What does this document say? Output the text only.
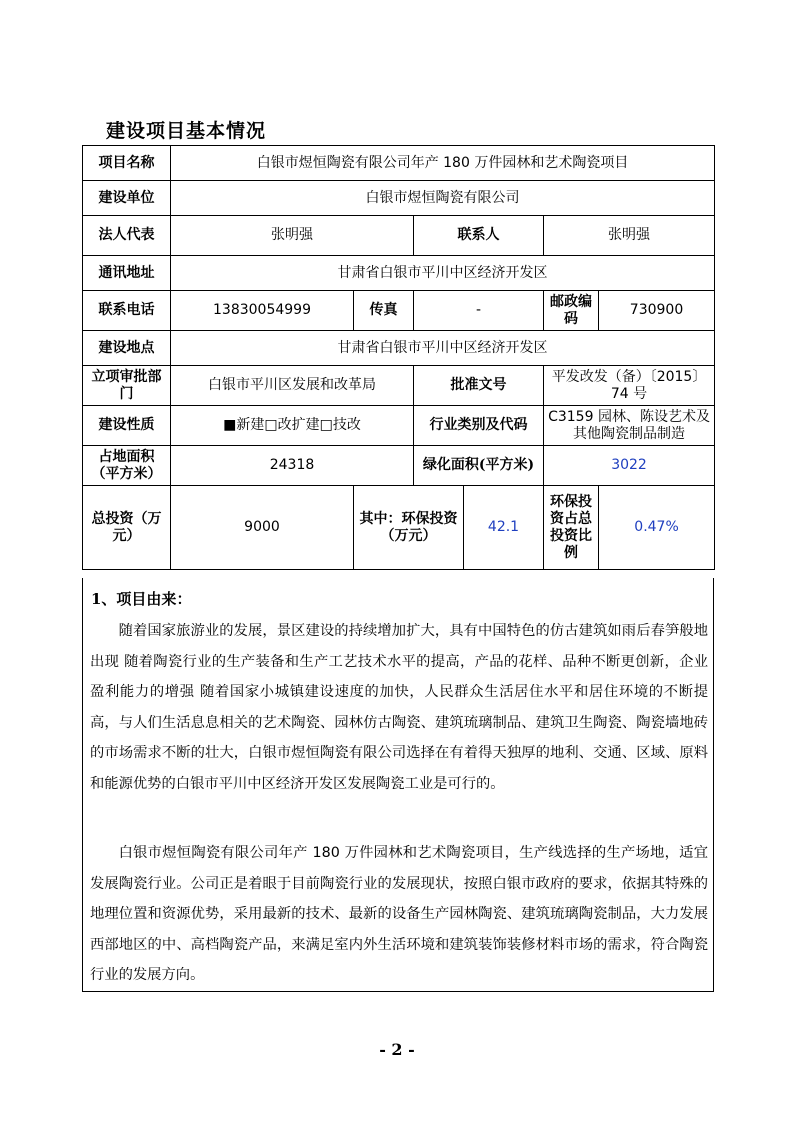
建设项目基本情况
项目名称	白银市煜恒陶瓷有限公司年产 180 万件园林和艺术陶瓷项目					
建设单位	白银市煜恒陶瓷有限公司					
法人代表	张明强		联系人		张明强	
通讯地址	甘肃省白银市平川中区经济开发区					
联系电话	13830054999	传真	-		邮政编码	730900
建设地点	甘肃省白银市平川中区经济开发区					
立项审批部门	白银市平川区发展和改革局		批准文号		平发改发（备）〔2015〕74 号	
建设性质	■新建□改扩建□技改		行业类别及代码		C3159 园林、陈设艺术及其他陶瓷制品制造	
占地面积（平方米）	24318		绿化面积(平方米)		3022	
总投资（万元）	9000	其中：环保投资（万元）		42.1	环保投资占总投资比例	0.47%
1、项目由来：

随着国家旅游业的发展，景区建设的持续增加扩大，具有中国特色的仿古建筑如雨后春笋般地出现 随着陶瓷行业的生产装备和生产工艺技术水平的提高，产品的花样、品种不断更创新，企业盈利能力的增强 随着国家小城镇建设速度的加快，人民群众生活居住水平和居住环境的不断提高，与人们生活息息相关的艺术陶瓷、园林仿古陶瓷、建筑琉璃制品、建筑卫生陶瓷、陶瓷墙地砖的市场需求不断的壮大，白银市煜恒陶瓷有限公司选择在有着得天独厚的地利、交通、区域、原料和能源优势的白银市平川中区经济开发区发展陶瓷工业是可行的。

白银市煜恒陶瓷有限公司年产 180 万件园林和艺术陶瓷项目，生产线选择的生产场地，适宜发展陶瓷行业。公司正是着眼于目前陶瓷行业的发展现状，按照白银市政府的要求，依据其特殊的地理位置和资源优势，采用最新的技术、最新的设备生产园林陶瓷、建筑琉璃陶瓷制品，大力发展西部地区的中、高档陶瓷产品，来满足室内外生活环境和建筑装饰装修材料市场的需求，符合陶瓷行业的发展方向。

- 2 -
